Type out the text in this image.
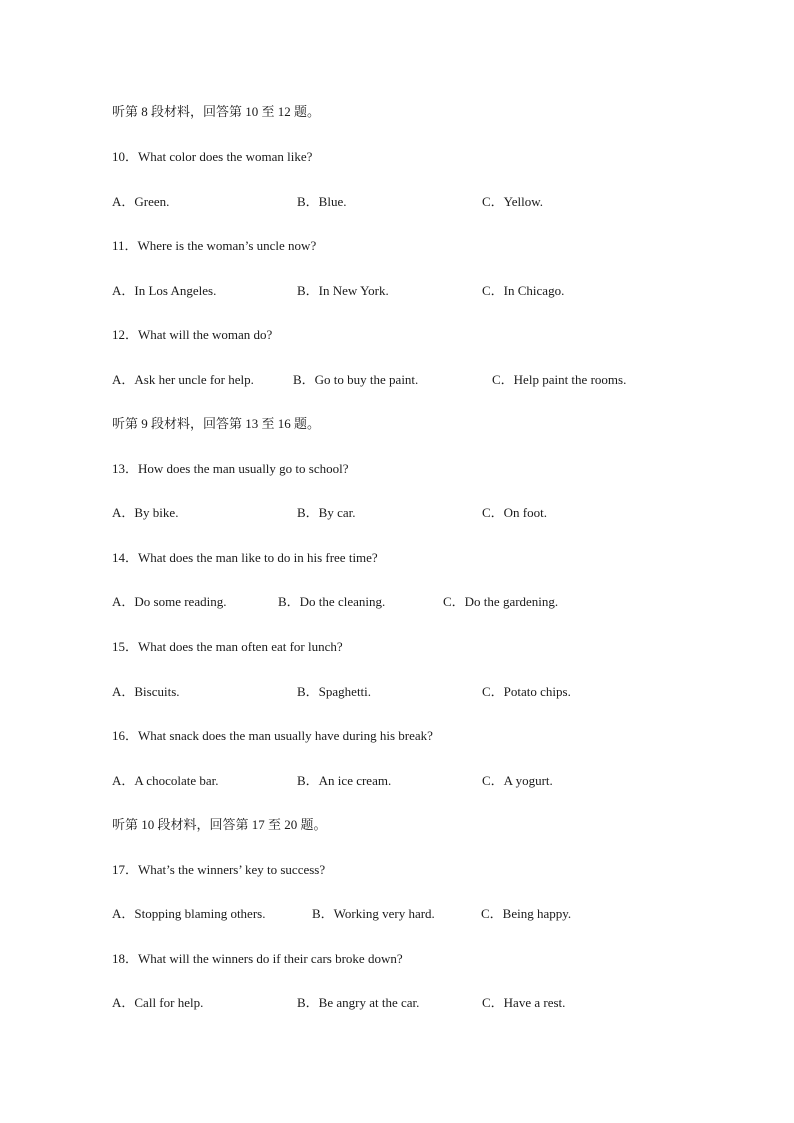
听第 8 段材料，回答第 10 至 12 题。
10．What color does the woman like?
A．Green.	B．Blue.	C．Yellow.
11．Where is the woman’s uncle now?
A．In Los Angeles.	B．In New York.	C．In Chicago.
12．What will the woman do?
A．Ask her uncle for help.	B．Go to buy the paint.	C．Help paint the rooms.
听第 9 段材料，回答第 13 至 16 题。
13．How does the man usually go to school?
A．By bike.	B．By car.	C．On foot.
14．What does the man like to do in his free time?
A．Do some reading.	B．Do the cleaning.	C．Do the gardening.
15．What does the man often eat for lunch?
A．Biscuits.	B．Spaghetti.	C．Potato chips.
16．What snack does the man usually have during his break?
A．A chocolate bar.	B．An ice cream.	C．A yogurt.
听第 10 段材料，回答第 17 至 20 题。
17．What’s the winners’ key to success?
A．Stopping blaming others.	B．Working very hard.	C．Being happy.
18．What will the winners do if their cars broke down?
A．Call for help.	B．Be angry at the car.	C．Have a rest.
